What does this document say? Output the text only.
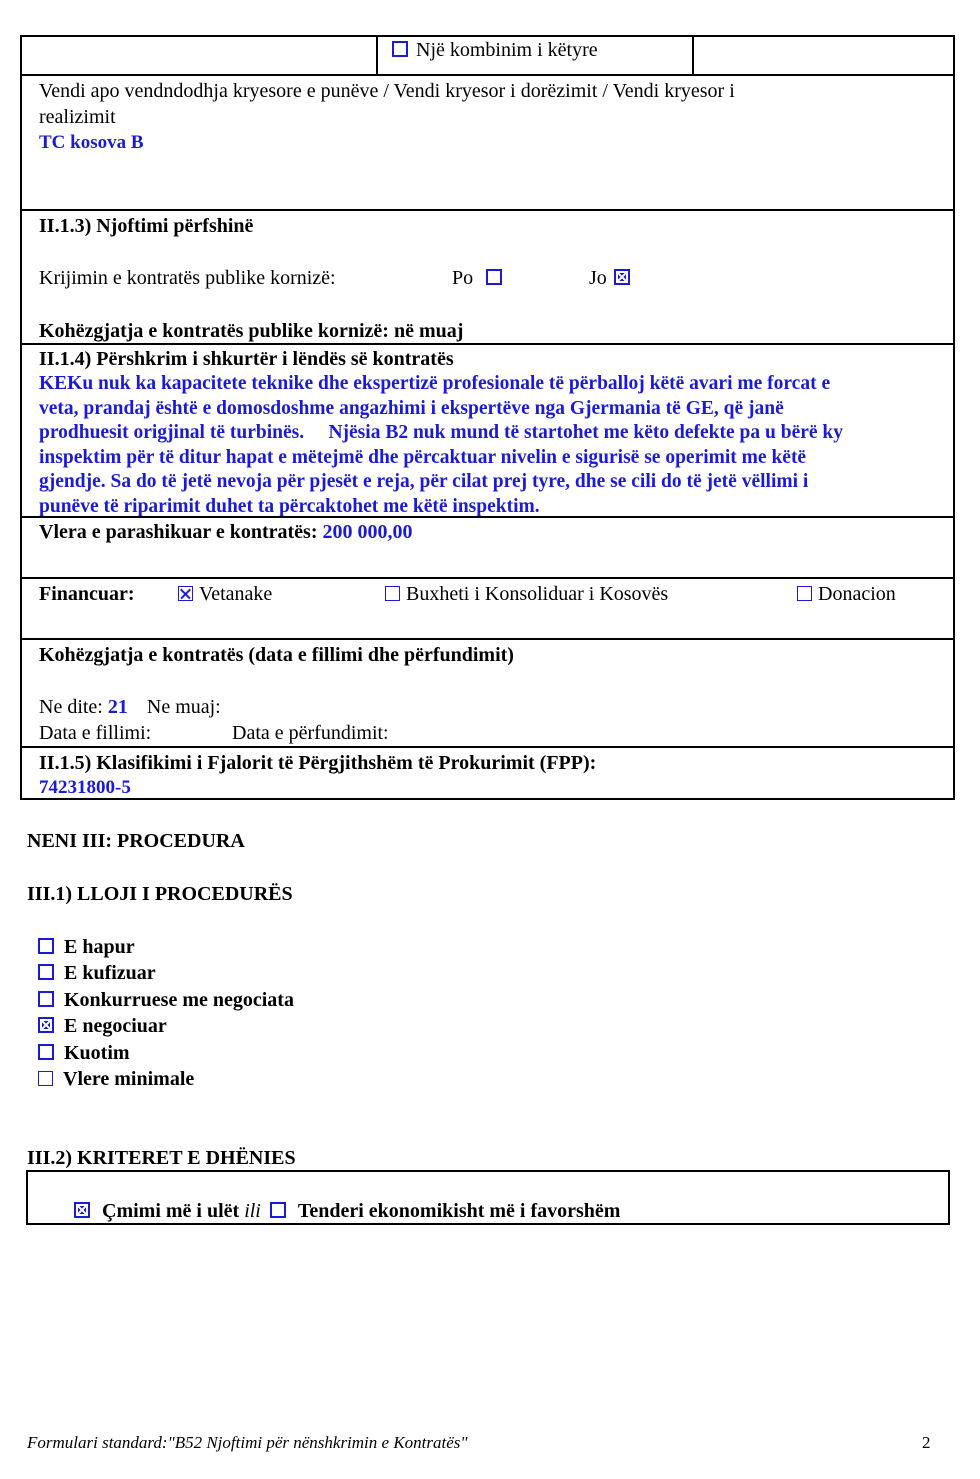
Një kombinim i këtyre
Vendi apo vendndodhja kryesore e punëve / Vendi kryesor i dorëzimit / Vendi kryesor i
realizimit
TC kosova B
II.1.3) Njoftimi përfshinë
Krijimin e kontratës publike kornizë:	Po	Jo
Kohëzgjatja e kontratës publike kornizë: në muaj
II.1.4) Përshkrim i shkurtër i lëndës së kontratës
KEKu nuk ka kapacitete teknike dhe ekspertizë profesionale të përballoj këtë avari me forcat e
veta, prandaj është e domosdoshme angazhimi i ekspertëve nga Gjermania të GE, që janë
prodhuesit origjinal të turbinës.     Njësia B2 nuk mund të startohet me këto defekte pa u bërë ky
inspektim për të ditur hapat e mëtejmë dhe përcaktuar nivelin e sigurisë se operimit me këtë
gjendje. Sa do të jetë nevoja për pjesët e reja, për cilat prej tyre, dhe se cili do të jetë vëllimi i
punëve të riparimit duhet ta përcaktohet me këtë inspektim.
Vlera e parashikuar e kontratës: 200 000,00
Financuar:	Vetanake	Buxheti i Konsoliduar i Kosovës	Donacion
Kohëzgjatja e kontratës (data e fillimi dhe përfundimit)
Ne dite: 21 Ne muaj:
Data e fillimi:	Data e përfundimit:
II.1.5) Klasifikimi i Fjalorit të Përgjithshëm të Prokurimit (FPP):
74231800-5
NENI III: PROCEDURA
III.1) LLOJI I PROCEDURËS
E hapur
E kufizuar
Konkurruese me negociata
E negociuar
Kuotim
Vlere minimale
III.2) KRITERET E DHËNIES
Çmimi më i ulët ili Tenderi ekonomikisht më i favorshëm
Formulari standard:"B52 Njoftimi për nënshkrimin e Kontratës"	2
